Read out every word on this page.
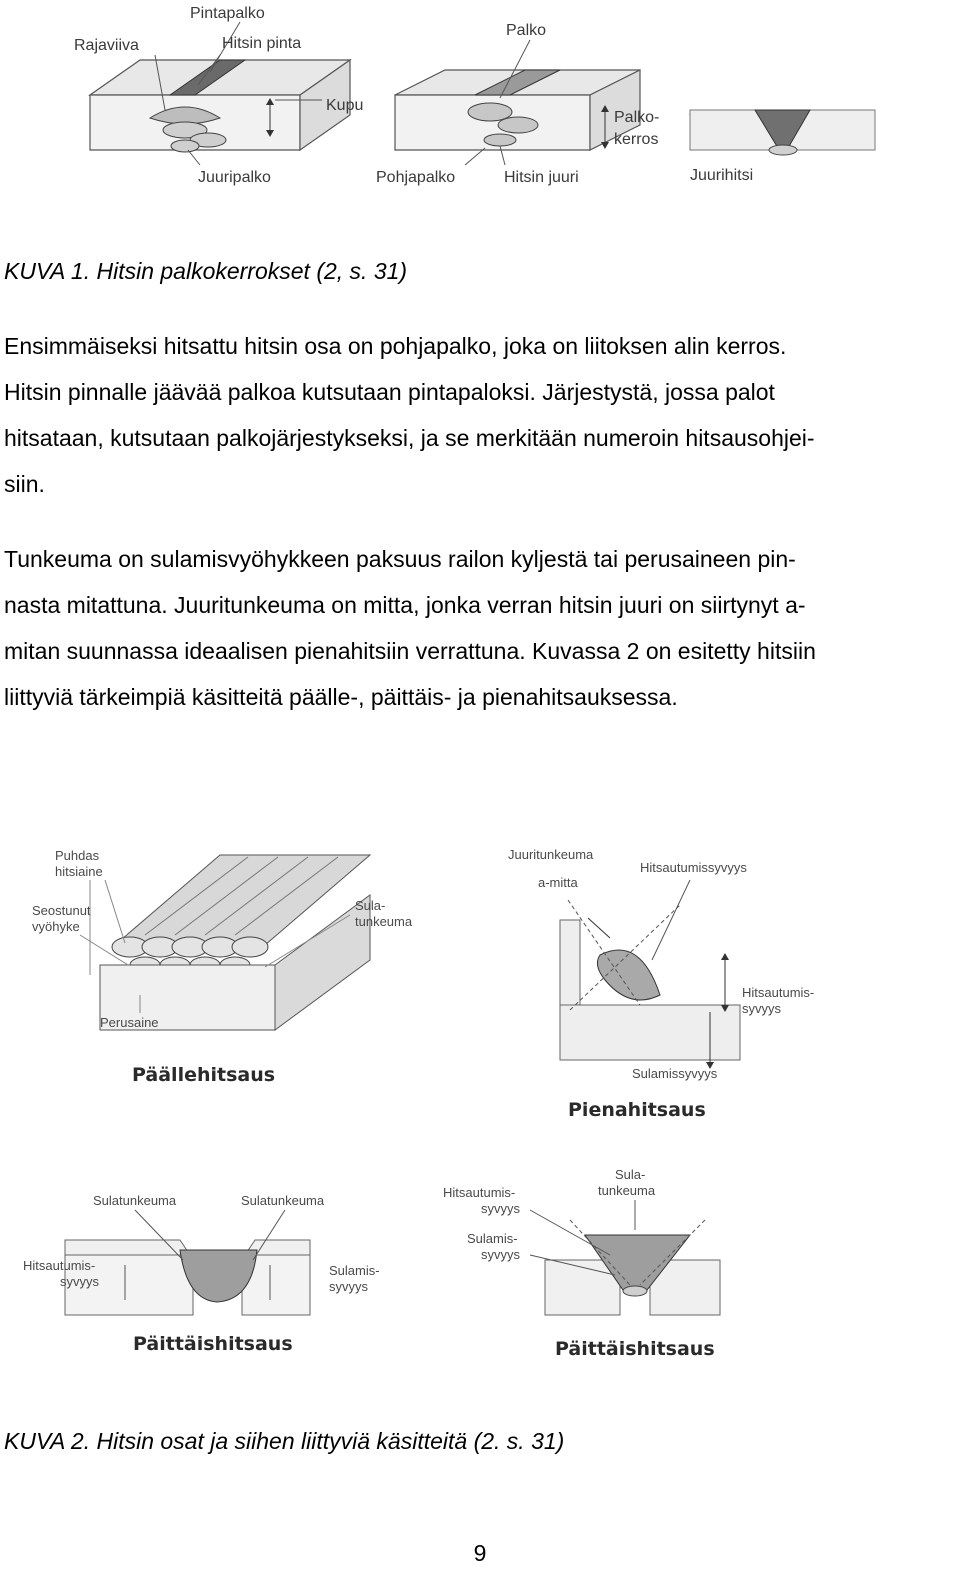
Pintapalko
Rajaviiva	Hitsin pinta
Kupu
Juuripalko
Palko
Palko-
kerros
Pohjapalko	Hitsin juuri	Juurihitsi
KUVA 1. Hitsin palkokerrokset (2, s. 31)
Ensimmäiseksi hitsattu hitsin osa on pohjapalko, joka on liitoksen alin kerros.
Hitsin pinnalle jäävää palkoa kutsutaan pintapaloksi. Järjestystä, jossa palot
hitsataan, kutsutaan palkojärjestykseksi, ja se merkitään numeroin hitsausohjei-
siin.
Tunkeuma on sulamisvyöhykkeen paksuus railon kyljestä tai perusaineen pin-
nasta mitattuna. Juuritunkeuma on mitta, jonka verran hitsin juuri on siirtynyt a-
mitan suunnassa ideaalisen pienahitsiin verrattuna. Kuvassa 2 on esitetty hitsiin
liittyviä tärkeimpiä käsitteitä päälle-, päittäis- ja pienahitsauksessa.
Puhdas
hitsiaine
Seostunut
vyöhyke
Sula-
tunkeuma
Perusaine
Päällehitsaus
Juuritunkeuma
a-mitta
Hitsautumissyvyys
Hitsautumis-
syvyys
Sulamissyvyys
Pienahitsaus
Sulatunkeuma	Sulatunkeuma
Hitsautumis-
syvyys
Sulamis-
syvyys
Päittäishitsaus
Sula-
tunkeuma
Hitsautumis-
syvyys
Sulamis-
syvyys
Päittäishitsaus
KUVA 2. Hitsin osat ja siihen liittyviä käsitteitä (2. s. 31)
9
